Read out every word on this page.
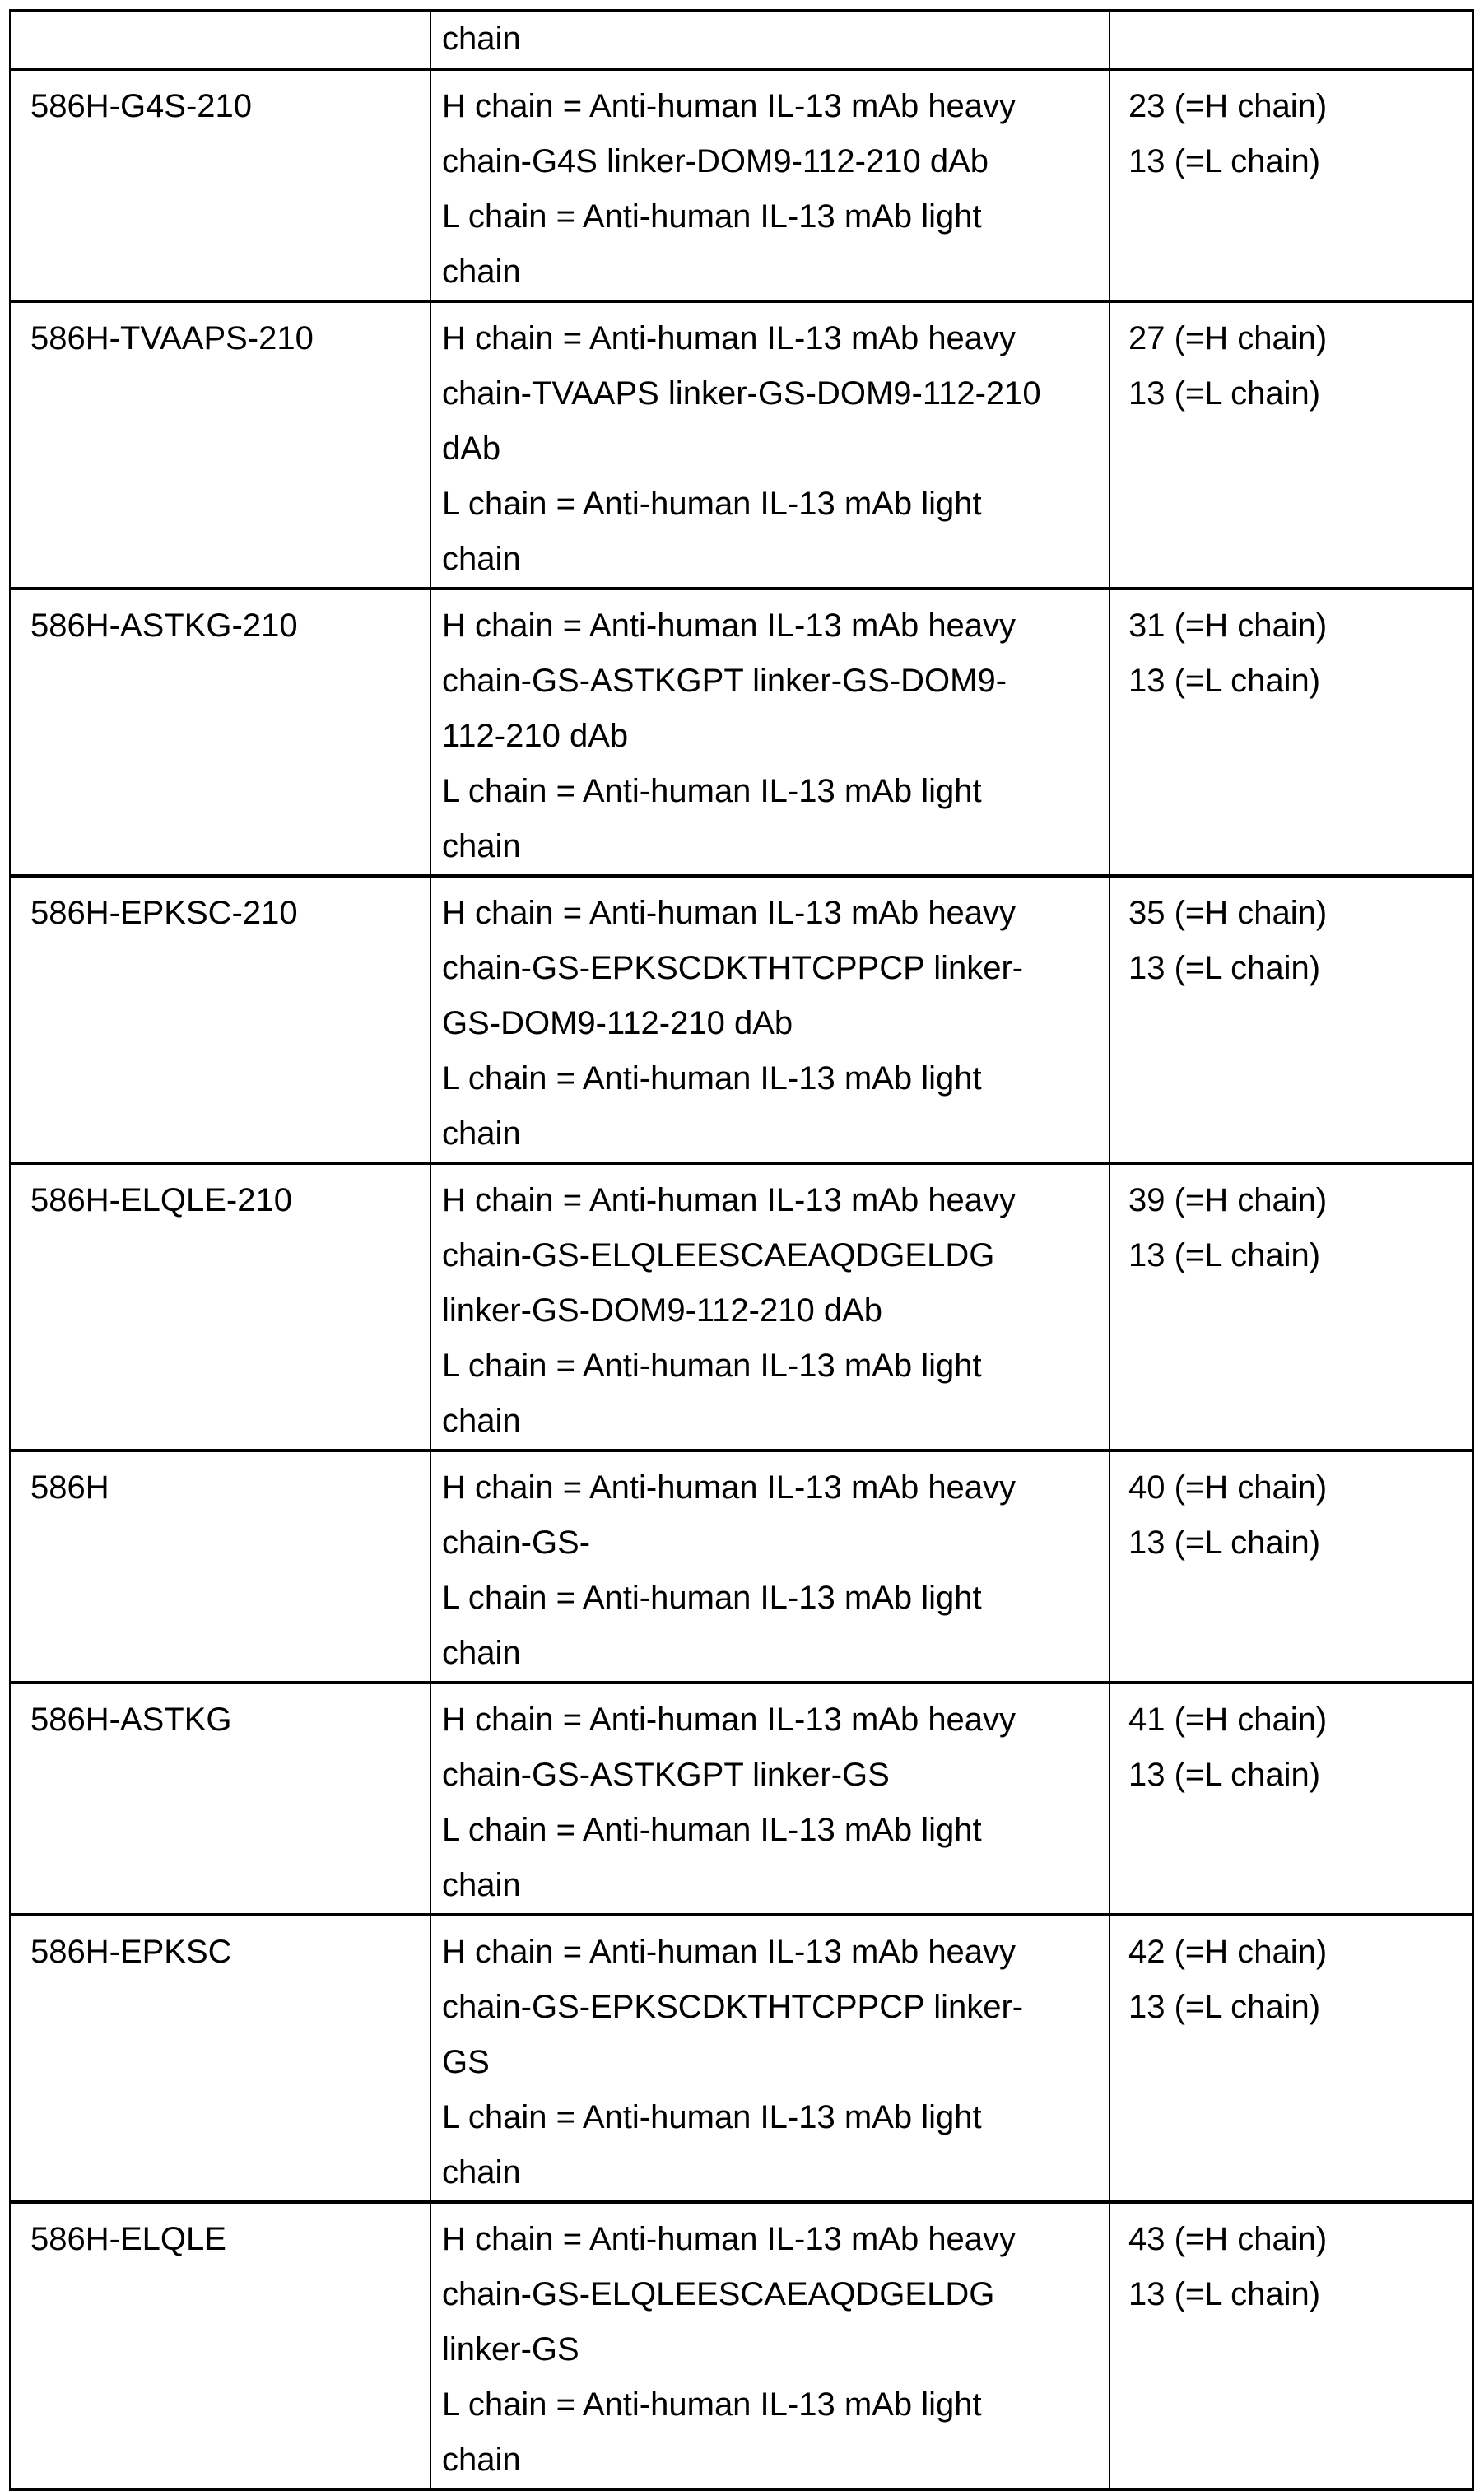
	chain	

586H-G4S-210	H chain = Anti-human IL-13 mAb heavy
chain-G4S linker-DOM9-112-210 dAb
L chain = Anti-human IL-13 mAb light
chain	23 (=H chain)
13 (=L chain)

586H-TVAAPS-210	H chain = Anti-human IL-13 mAb heavy
chain-TVAAPS linker-GS-DOM9-112-210
dAb
L chain = Anti-human IL-13 mAb light
chain	27 (=H chain)
13 (=L chain)

586H-ASTKG-210	H chain = Anti-human IL-13 mAb heavy
chain-GS-ASTKGPT linker-GS-DOM9-
112-210 dAb
L chain = Anti-human IL-13 mAb light
chain	31 (=H chain)
13 (=L chain)

586H-EPKSC-210	H chain = Anti-human IL-13 mAb heavy
chain-GS-EPKSCDKTHTCPPCP linker-
GS-DOM9-112-210 dAb
L chain = Anti-human IL-13 mAb light
chain	35 (=H chain)
13 (=L chain)

586H-ELQLE-210	H chain = Anti-human IL-13 mAb heavy
chain-GS-ELQLEESCAEAQDGELDG
linker-GS-DOM9-112-210 dAb
L chain = Anti-human IL-13 mAb light
chain	39 (=H chain)
13 (=L chain)

586H	H chain = Anti-human IL-13 mAb heavy
chain-GS-
L chain = Anti-human IL-13 mAb light
chain	40 (=H chain)
13 (=L chain)

586H-ASTKG	H chain = Anti-human IL-13 mAb heavy
chain-GS-ASTKGPT linker-GS
L chain = Anti-human IL-13 mAb light
chain	41 (=H chain)
13 (=L chain)

586H-EPKSC	H chain = Anti-human IL-13 mAb heavy
chain-GS-EPKSCDKTHTCPPCP linker-
GS
L chain = Anti-human IL-13 mAb light
chain	42 (=H chain)
13 (=L chain)

586H-ELQLE	H chain = Anti-human IL-13 mAb heavy
chain-GS-ELQLEESCAEAQDGELDG
linker-GS
L chain = Anti-human IL-13 mAb light
chain	43 (=H chain)
13 (=L chain)
